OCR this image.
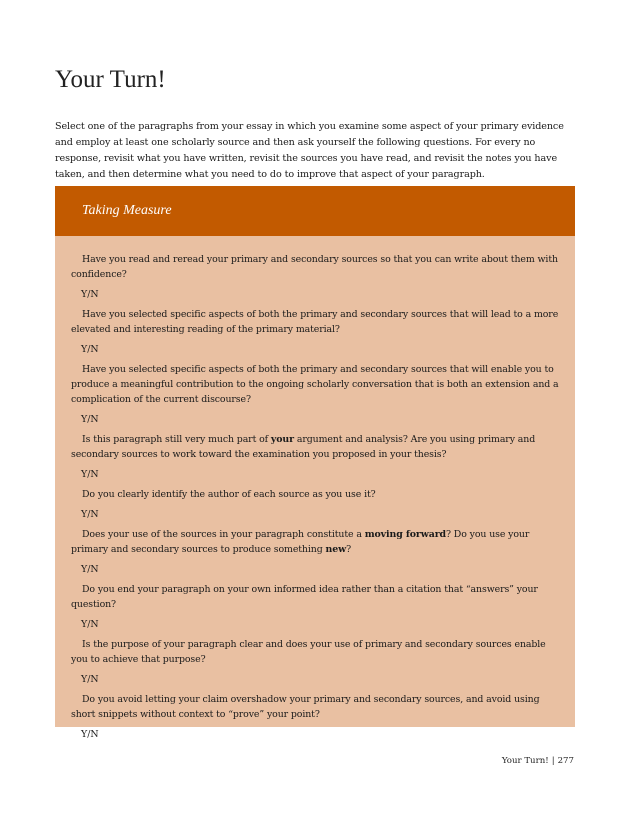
Your Turn!

Select one of the paragraphs from your essay in which you examine some aspect of your primary evidence and employ at least one scholarly source and then ask yourself the following questions. For every no response, revisit what you have written, revisit the sources you have read, and revisit the notes you have taken, and then determine what you need to do to improve that aspect of your paragraph.

Taking Measure

Have you read and reread your primary and secondary sources so that you can write about them with confidence?

Y/N

Have you selected specific aspects of both the primary and secondary sources that will lead to a more elevated and interesting reading of the primary material?

Y/N

Have you selected specific aspects of both the primary and secondary sources that will enable you to produce a meaningful contribution to the ongoing scholarly conversation that is both an extension and a complication of the current discourse?

Y/N

Is this paragraph still very much part of your argument and analysis? Are you using primary and secondary sources to work toward the examination you proposed in your thesis?

Y/N

Do you clearly identify the author of each source as you use it?

Y/N

Does your use of the sources in your paragraph constitute a moving forward? Do you use your primary and secondary sources to produce something new?

Y/N

Do you end your paragraph on your own informed idea rather than a citation that “answers” your question?

Y/N

Is the purpose of your paragraph clear and does your use of primary and secondary sources enable you to achieve that purpose?

Y/N

Do you avoid letting your claim overshadow your primary and secondary sources, and avoid using short snippets without context to “prove” your point?

Y/N

Your Turn! | 277
